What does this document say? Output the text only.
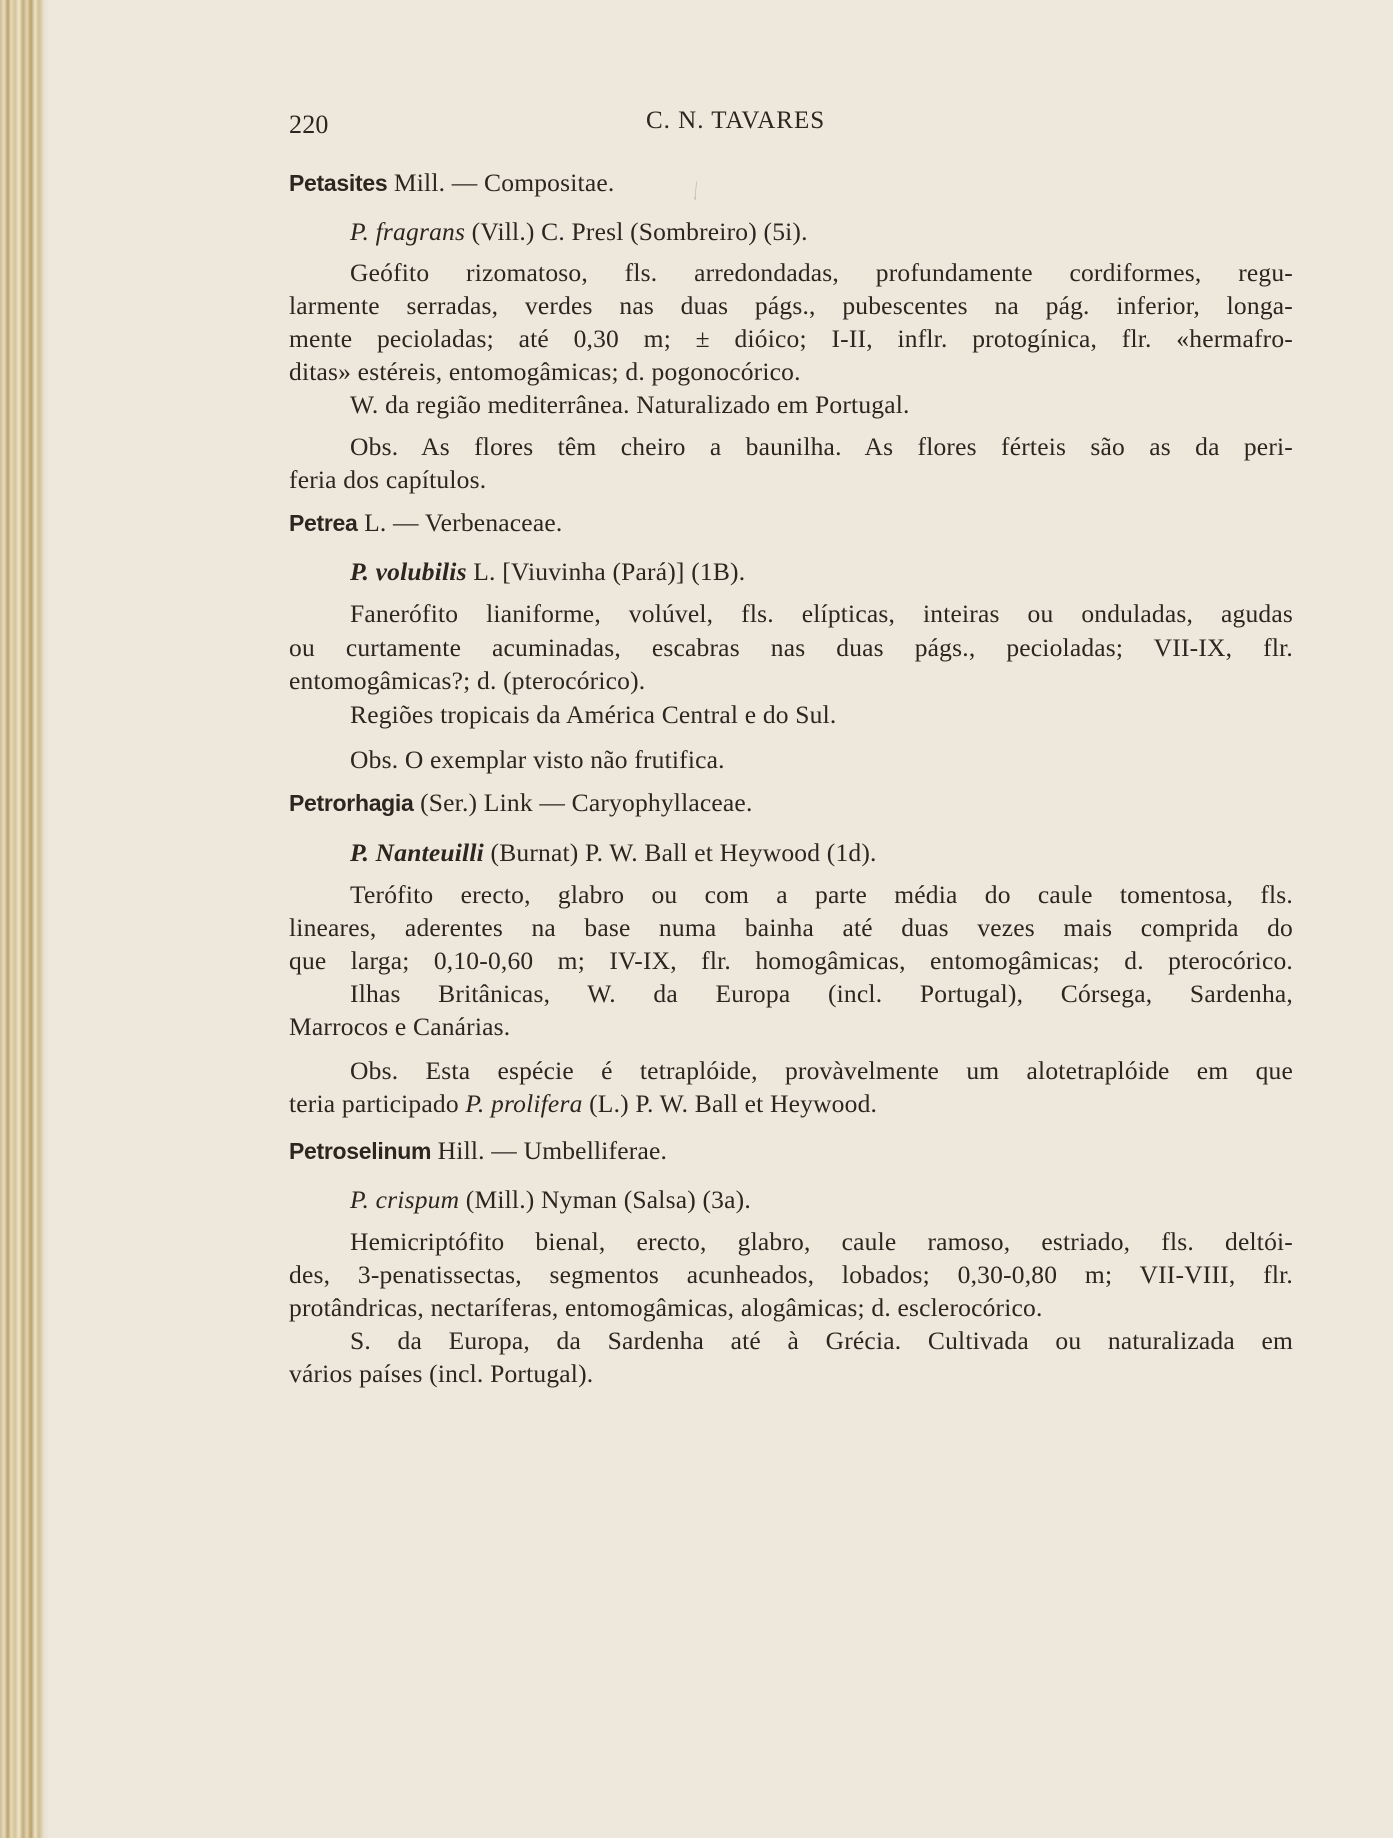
220	C. N. TAVARES
Petasites Mill. — Compositae.
P. fragrans (Vill.) C. Presl (Sombreiro) (5i).
Geófito rizomatoso, fls. arredondadas, profundamente cordiformes, regu-
larmente serradas, verdes nas duas págs., pubescentes na pág. inferior, longa-
mente pecioladas; até 0,30 m; ± dióico; I-II, inflr. protogínica, flr. «hermafro-
ditas» estéreis, entomogâmicas; d. pogonocórico.
W. da região mediterrânea. Naturalizado em Portugal.
Obs. As flores têm cheiro a baunilha. As flores férteis são as da peri-
feria dos capítulos.
Petrea L. — Verbenaceae.
P. volubilis L. [Viuvinha (Pará)] (1B).
Fanerófito lianiforme, volúvel, fls. elípticas, inteiras ou onduladas, agudas
ou curtamente acuminadas, escabras nas duas págs., pecioladas; VII-IX, flr.
entomogâmicas?; d. (pterocórico).
Regiões tropicais da América Central e do Sul.
Obs. O exemplar visto não frutifica.
Petrorhagia (Ser.) Link — Caryophyllaceae.
P. Nanteuilli (Burnat) P. W. Ball et Heywood (1d).
Terófito erecto, glabro ou com a parte média do caule tomentosa, fls.
lineares, aderentes na base numa bainha até duas vezes mais comprida do
que larga; 0,10-0,60 m; IV-IX, flr. homogâmicas, entomogâmicas; d. pterocórico.
Ilhas Britânicas, W. da Europa (incl. Portugal), Córsega, Sardenha,
Marrocos e Canárias.
Obs. Esta espécie é tetraplóide, provàvelmente um alotetraplóide em que
teria participado P. prolifera (L.) P. W. Ball et Heywood.
Petroselinum Hill. — Umbelliferae.
P. crispum (Mill.) Nyman (Salsa) (3a).
Hemicriptófito bienal, erecto, glabro, caule ramoso, estriado, fls. deltói-
des, 3-penatissectas, segmentos acunheados, lobados; 0,30-0,80 m; VII-VIII, flr.
protândricas, nectaríferas, entomogâmicas, alogâmicas; d. esclerocórico.
S. da Europa, da Sardenha até à Grécia. Cultivada ou naturalizada em
vários países (incl. Portugal).
